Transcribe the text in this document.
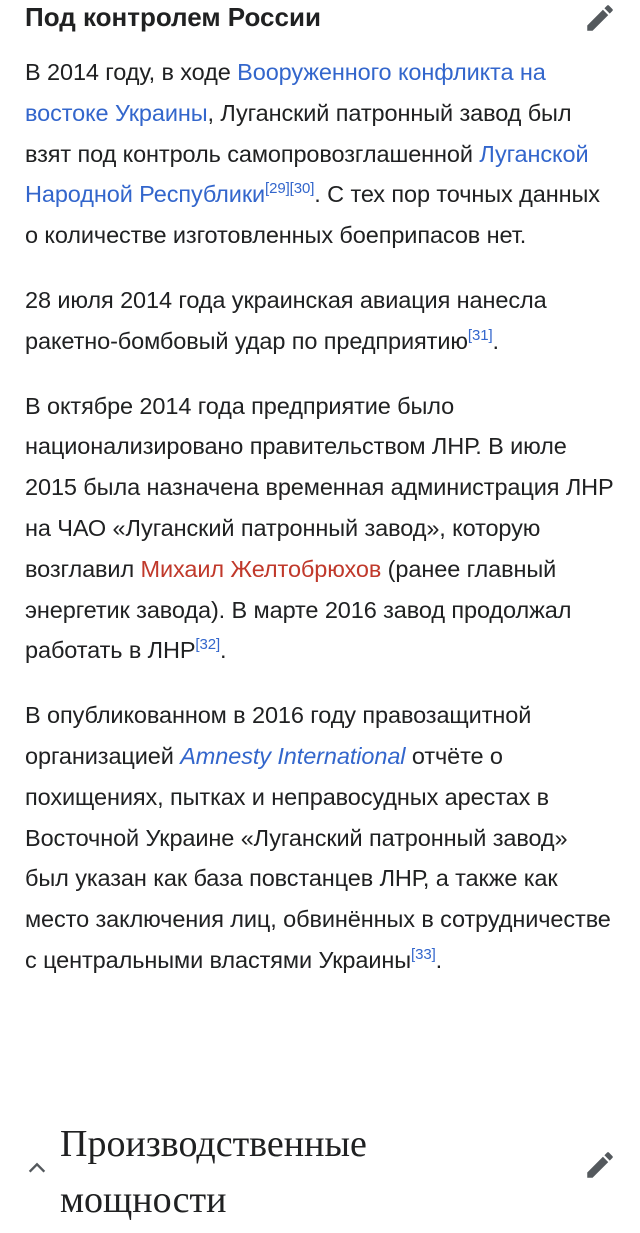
Под контролем России

В 2014 году, в ходе Вооруженного конфликта на востоке Украины, Луганский патронный завод был взят под контроль самопровозглашенной Луганской Народной Республики[29][30]. С тех пор точных данных о количестве изготовленных боеприпасов нет.

28 июля 2014 года украинская авиация нанесла ракетно-бомбовый удар по предприятию[31].

В октябре 2014 года предприятие было национализировано правительством ЛНР. В июле 2015 была назначена временная администрация ЛНР на ЧАО «Луганский патронный завод», которую возглавил Михаил Желтобрюхов (ранее главный энергетик завода). В марте 2016 завод продолжал работать в ЛНР[32].

В опубликованном в 2016 году правозащитной организацией Amnesty International отчёте о похищениях, пытках и неправосудных арестах в Восточной Украине «Луганский патронный завод» был указан как база повстанцев ЛНР, а также как место заключения лиц, обвинённых в сотрудничестве с центральными властями Украины[33].

Производственные мощности
